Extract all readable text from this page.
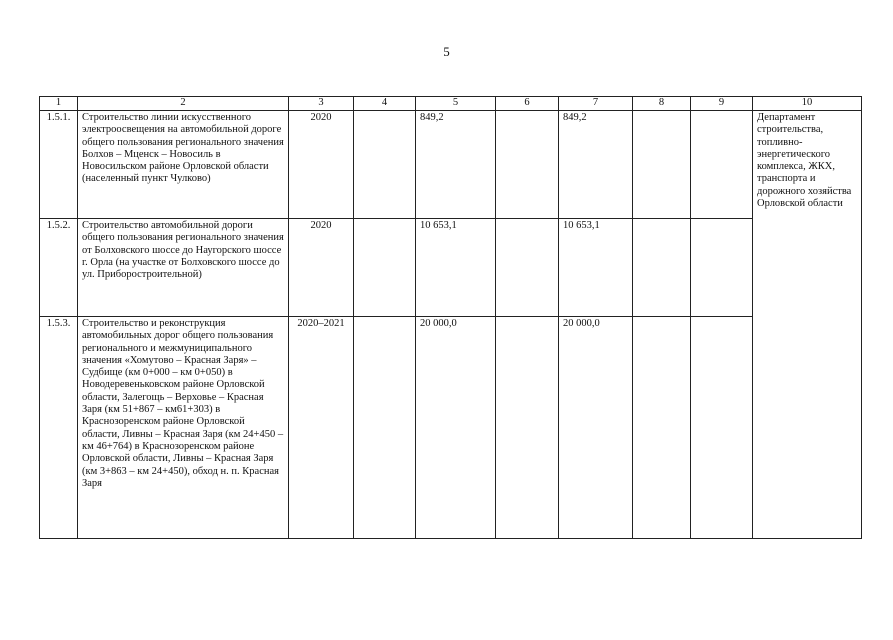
5
1	2	3	4	5	6	7	8	9	10
1.5.1.	Строительство линии искусственного электроосвещения на автомобильной дороге общего пользования регионального значения Болхов – Мценск – Новосиль в Новосильском районе Орловской области (населенный пункт Чулково)	2020		849,2		849,2			Департамент строительства, топливно-энергетического комплекса, ЖКХ, транспорта и дорожного хозяйства Орловской области
1.5.2.	Строительство автомобильной дороги общего пользования регионального значения от Болховского шоссе до Наугорского шоссе г. Орла (на участке от Болховского шоссе до ул. Приборостроительной)	2020		10 653,1		10 653,1			
1.5.3.	Строительство и реконструкция автомобильных дорог общего пользования регионального и межмуниципального значения «Хомутово – Красная Заря» – Судбище (км 0+000 – км 0+050) в Новодеревеньковском районе Орловской области, Залегощь – Верховье – Красная Заря (км 51+867 – км61+303) в Краснозоренском районе Орловской области, Ливны – Красная Заря (км 24+450 – км 46+764) в Краснозоренском районе Орловской области, Ливны – Красная Заря (км 3+863 – км 24+450), обход н. п. Красная Заря	2020–2021		20 000,0		20 000,0			
